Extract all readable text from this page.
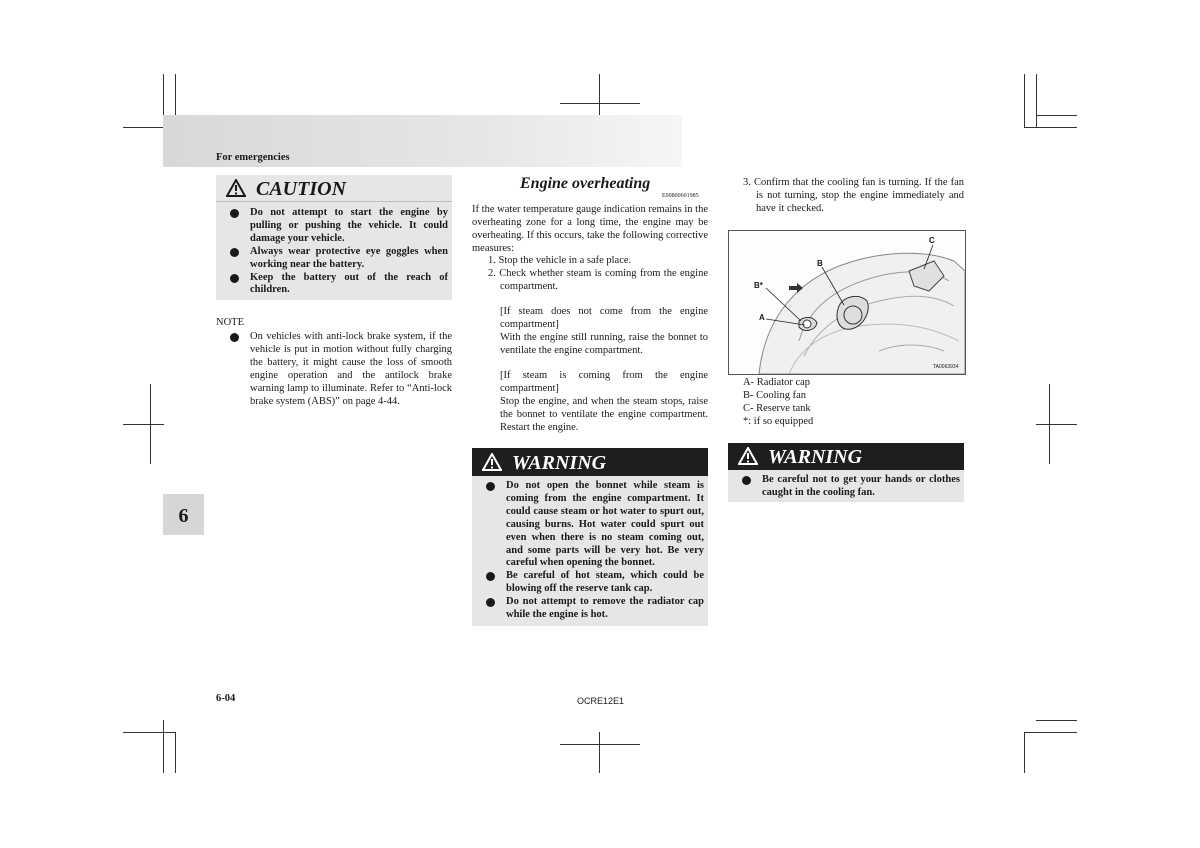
For emergencies
6
CAUTION
Do not attempt to start the engine by pulling or pushing the vehicle. It could damage your vehicle.
Always wear protective eye goggles when working near the battery.
Keep the battery out of the reach of children.
NOTE
On vehicles with anti-lock brake system, if the vehicle is put in motion without fully charging the battery, it might cause the loss of smooth engine operation and the antilock brake warning lamp to illuminate. Refer to “Anti-lock brake system (ABS)” on page 4-44.
Engine overheating
E00800601985
If the water temperature gauge indication remains in the overheating zone for a long time, the engine may be overheating. If this occurs, take the following corrective measures:
1. Stop the vehicle in a safe place.
2. Check whether steam is coming from the engine compartment.
[If steam does not come from the engine compartment]
With the engine still running, raise the bonnet to ventilate the engine compartment.
[If steam is coming from the engine compartment]
Stop the engine, and when the steam stops, raise the bonnet to ventilate the engine compartment. Restart the engine.
WARNING
Do not open the bonnet while steam is coming from the engine compartment. It could cause steam or hot water to spurt out, causing burns. Hot water could spurt out even when there is no steam coming out, and some parts will be very hot. Be very careful when opening the bonnet.
Be careful of hot steam, which could be blowing off the reserve tank cap.
Do not attempt to remove the radiator cap while the engine is hot.
3. Confirm that the cooling fan is turning. If the fan is not turning, stop the engine immediately and have it checked.
C
B
B*
A
TA0063934
A- Radiator cap
B- Cooling fan
C- Reserve tank
*: if so equipped
WARNING
Be careful not to get your hands or clothes caught in the cooling fan.
6-04	OCRE12E1
